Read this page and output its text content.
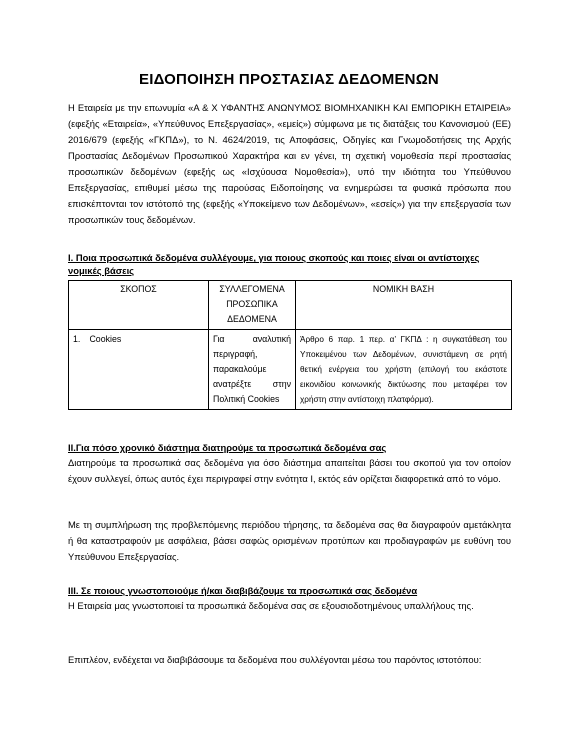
ΕΙΔΟΠΟΙΗΣΗ ΠΡΟΣΤΑΣΙΑΣ ΔΕΔΟΜΕΝΩΝ
Η Εταιρεία με την επωνυμία «Α & Χ ΥΦΑΝΤΗΣ ΑΝΩΝΥΜΟΣ ΒΙΟΜΗΧΑΝΙΚΗ ΚΑΙ ΕΜΠΟΡΙΚΗ ΕΤΑΙΡΕΙΑ» (εφεξής «Εταιρεία», «Υπεύθυνος Επεξεργασίας», «εμείς») σύμφωνα με τις διατάξεις του Κανονισμού (ΕΕ) 2016/679 (εφεξής «ΓΚΠΔ»), το Ν. 4624/2019, τις Αποφάσεις, Οδηγίες και Γνωμοδοτήσεις της Αρχής Προστασίας Δεδομένων Προσωπικού Χαρακτήρα και εν γένει, τη σχετική νομοθεσία περί προστασίας προσωπικών δεδομένων (εφεξής ως «Ισχύουσα Νομοθεσία»), υπό την ιδιότητα του Υπεύθυνου Επεξεργασίας, επιθυμεί μέσω της παρούσας Ειδοποίησης να ενημερώσει τα φυσικά πρόσωπα που επισκέπτονται τον ιστότοπό της (εφεξής «Υποκείμενο των Δεδομένων», «εσείς») για την επεξεργασία των προσωπικών τους δεδομένων.
Ι. Ποια προσωπικά δεδομένα συλλέγουμε, για ποιους σκοπούς και ποιες είναι οι αντίστοιχες νομικές βάσεις
ΣΚΟΠΟΣ	ΣΥΛΛΕΓΟΜΕΝΑ ΠΡΟΣΩΠΙΚΑ ΔΕΔΟΜΕΝΑ	ΝΟΜΙΚΗ ΒΑΣΗ
1. Cookies	Για αναλυτική περιγραφή, παρακαλούμε ανατρέξτε στην Πολιτική Cookies	Άρθρο 6 παρ. 1 περ. α’ ΓΚΠΔ : η συγκατάθεση του Υποκειμένου των Δεδομένων, συνιστάμενη σε ρητή θετική ενέργεια του χρήστη (επιλογή του εκάστοτε εικονιδίου κοινωνικής δικτύωσης που μεταφέρει τον χρήστη στην αντίστοιχη πλατφόρμα).
ΙΙ.Για πόσο χρονικό διάστημα διατηρούμε τα προσωπικά δεδομένα σας
Διατηρούμε τα προσωπικά σας δεδομένα για όσο διάστημα απαιτείται βάσει του σκοπού για τον οποίον έχουν συλλεγεί, όπως αυτός έχει περιγραφεί στην ενότητα Ι, εκτός εάν ορίζεται διαφορετικά από το νόμο.
Με τη συμπλήρωση της προβλεπόμενης περιόδου τήρησης, τα δεδομένα σας θα διαγραφούν αμετάκλητα ή θα καταστραφούν με ασφάλεια, βάσει σαφώς ορισμένων προτύπων και προδιαγραφών με ευθύνη του Υπεύθυνου Επεξεργασίας.
ΙΙΙ. Σε ποιους γνωστοποιούμε ή/και διαβιβάζουμε τα προσωπικά σας δεδομένα
Η Εταιρεία μας γνωστοποιεί τα προσωπικά δεδομένα σας σε εξουσιοδοτημένους υπαλλήλους της.
Επιπλέον, ενδέχεται να διαβιβάσουμε τα δεδομένα που συλλέγονται μέσω του παρόντος ιστοτόπου:
